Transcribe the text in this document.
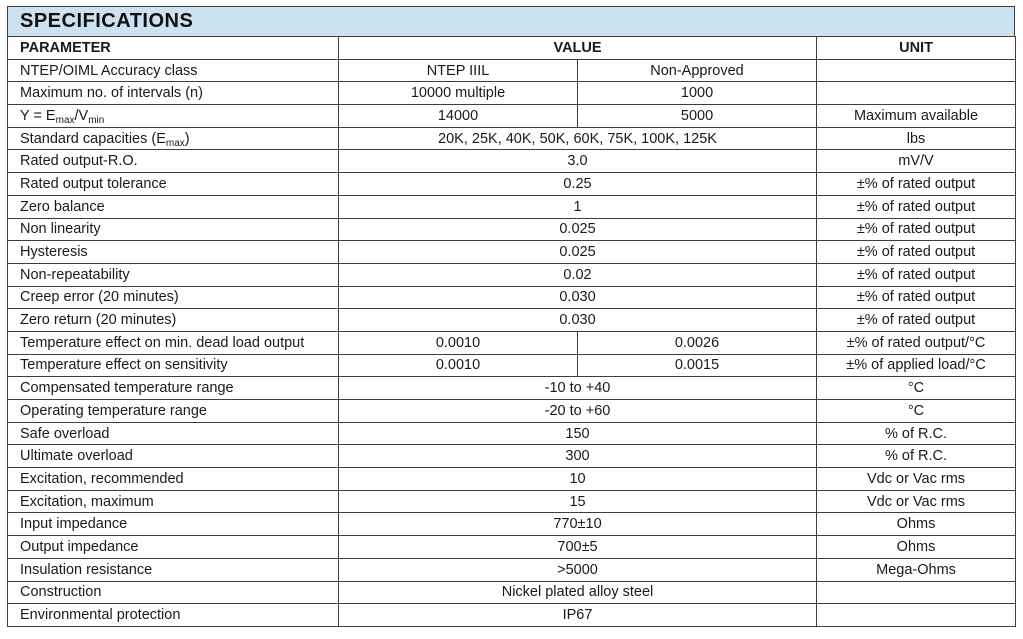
SPECIFICATIONS
PARAMETER	VALUE		UNIT
NTEP/OIML Accuracy class	NTEP IIIL	Non-Approved	
Maximum no. of intervals (n)	10000 multiple	1000	
$Y = E_{max}/V_{min}$	14000	5000	Maximum available
Standard capacities $(E_{max})$	20K, 25K, 40K, 50K, 60K, 75K, 100K, 125K		lbs
Rated output-R.O.	3.0		mV/V
Rated output tolerance	0.25		±% of rated output
Zero balance	1		±% of rated output
Non linearity	0.025		±% of rated output
Hysteresis	0.025		±% of rated output
Non-repeatability	0.02		±% of rated output
Creep error (20 minutes)	0.030		±% of rated output
Zero return (20 minutes)	0.030		±% of rated output
Temperature effect on min. dead load output	0.0010	0.0026	±% of rated output/°C
Temperature effect on sensitivity	0.0010	0.0015	±% of applied load/°C
Compensated temperature range	-10 to +40		°C
Operating temperature range	-20 to +60		°C
Safe overload	150		% of R.C.
Ultimate overload	300		% of R.C.
Excitation, recommended	10		Vdc or Vac rms
Excitation, maximum	15		Vdc or Vac rms
Input impedance	770±10		Ohms
Output impedance	700±5		Ohms
Insulation resistance	>5000		Mega-Ohms
Construction	Nickel plated alloy steel		
Environmental protection	IP67		
